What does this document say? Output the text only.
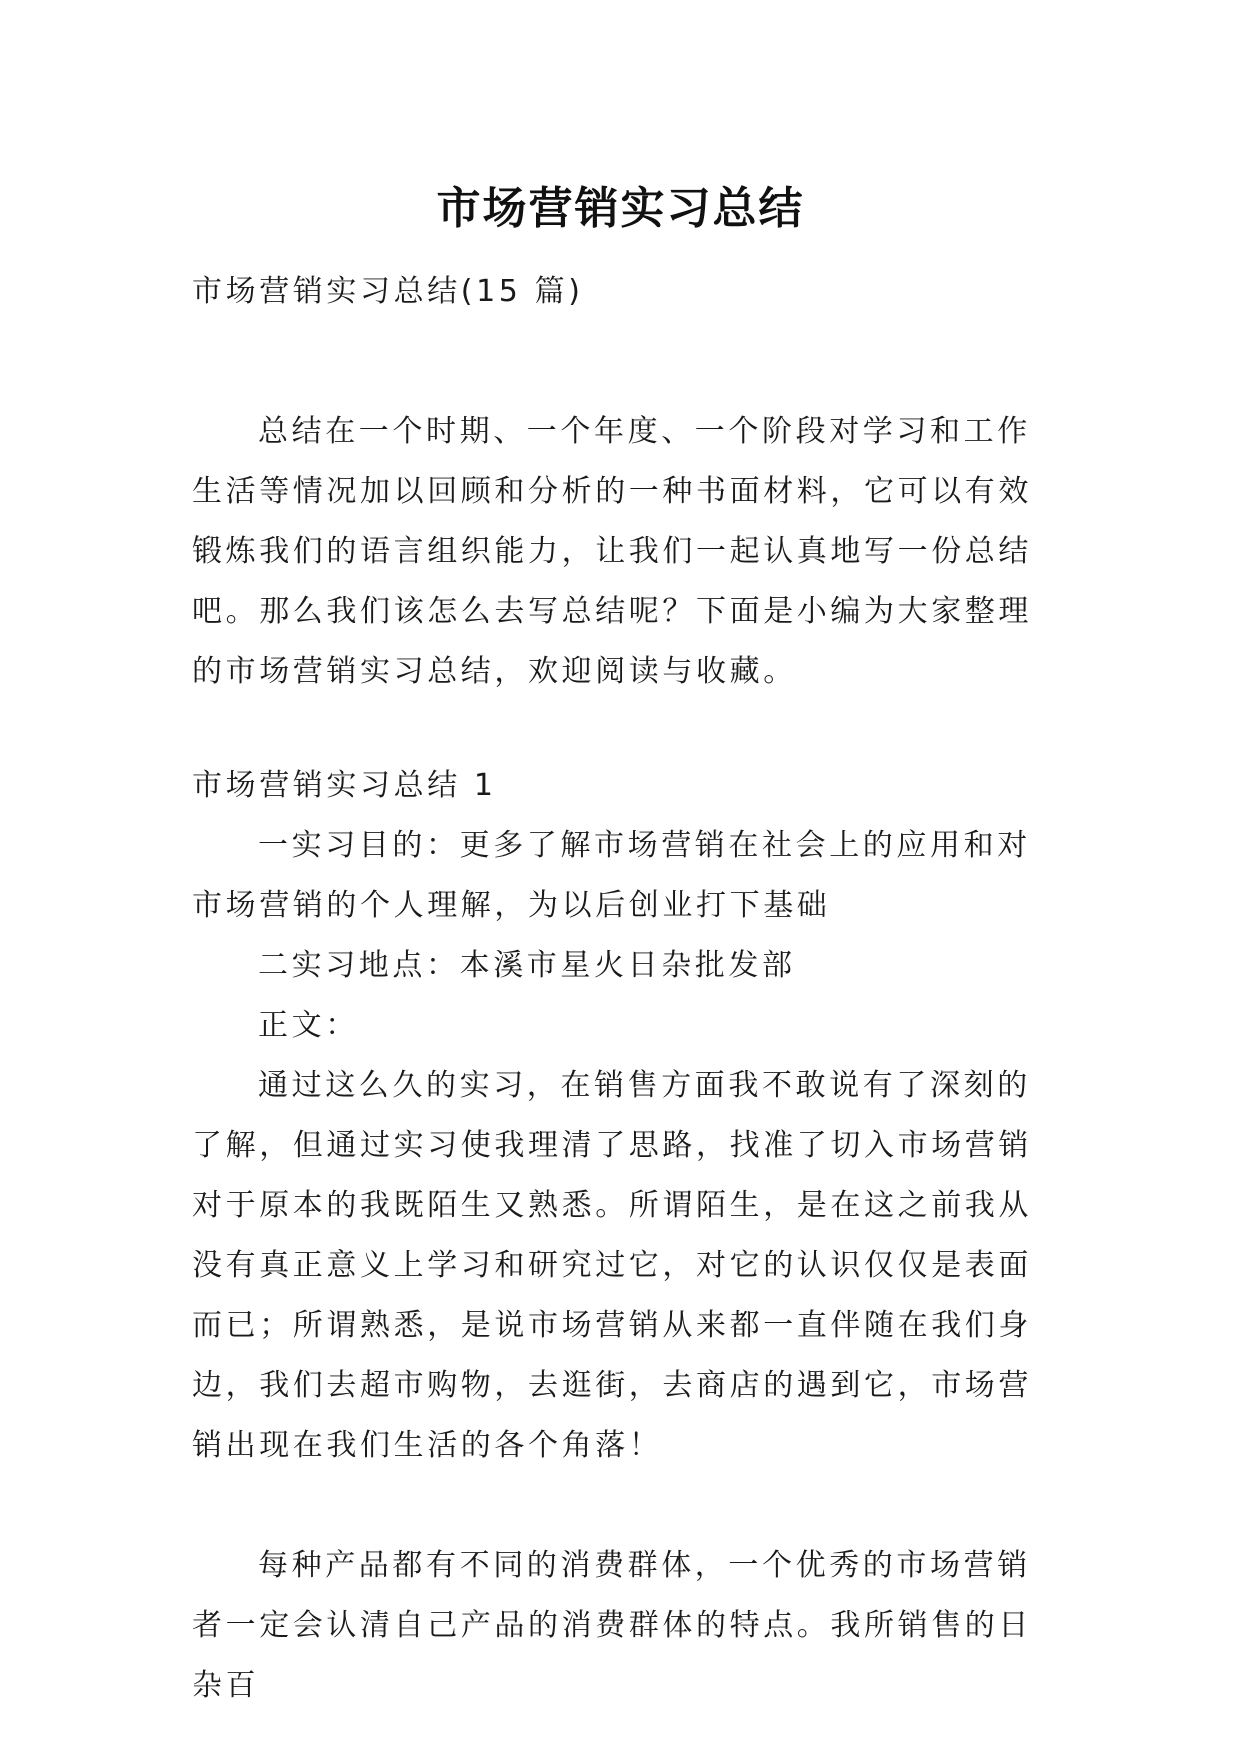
市场营销实习总结

市场营销实习总结(15 篇)

总结在一个时期、一个年度、一个阶段对学习和工作生活等情况加以回顾和分析的一种书面材料，它可以有效锻炼我们的语言组织能力，让我们一起认真地写一份总结吧。那么我们该怎么去写总结呢？下面是小编为大家整理的市场营销实习总结，欢迎阅读与收藏。

市场营销实习总结 1

一实习目的：更多了解市场营销在社会上的应用和对市场营销的个人理解，为以后创业打下基础

二实习地点：本溪市星火日杂批发部

正文：

通过这么久的实习，在销售方面我不敢说有了深刻的了解，但通过实习使我理清了思路，找准了切入市场营销对于原本的我既陌生又熟悉。所谓陌生，是在这之前我从没有真正意义上学习和研究过它，对它的认识仅仅是表面而已；所谓熟悉，是说市场营销从来都一直伴随在我们身边，我们去超市购物，去逛街，去商店的遇到它，市场营销出现在我们生活的各个角落！

每种产品都有不同的消费群体，一个优秀的市场营销者一定会认清自己产品的消费群体的特点。我所销售的日杂百
